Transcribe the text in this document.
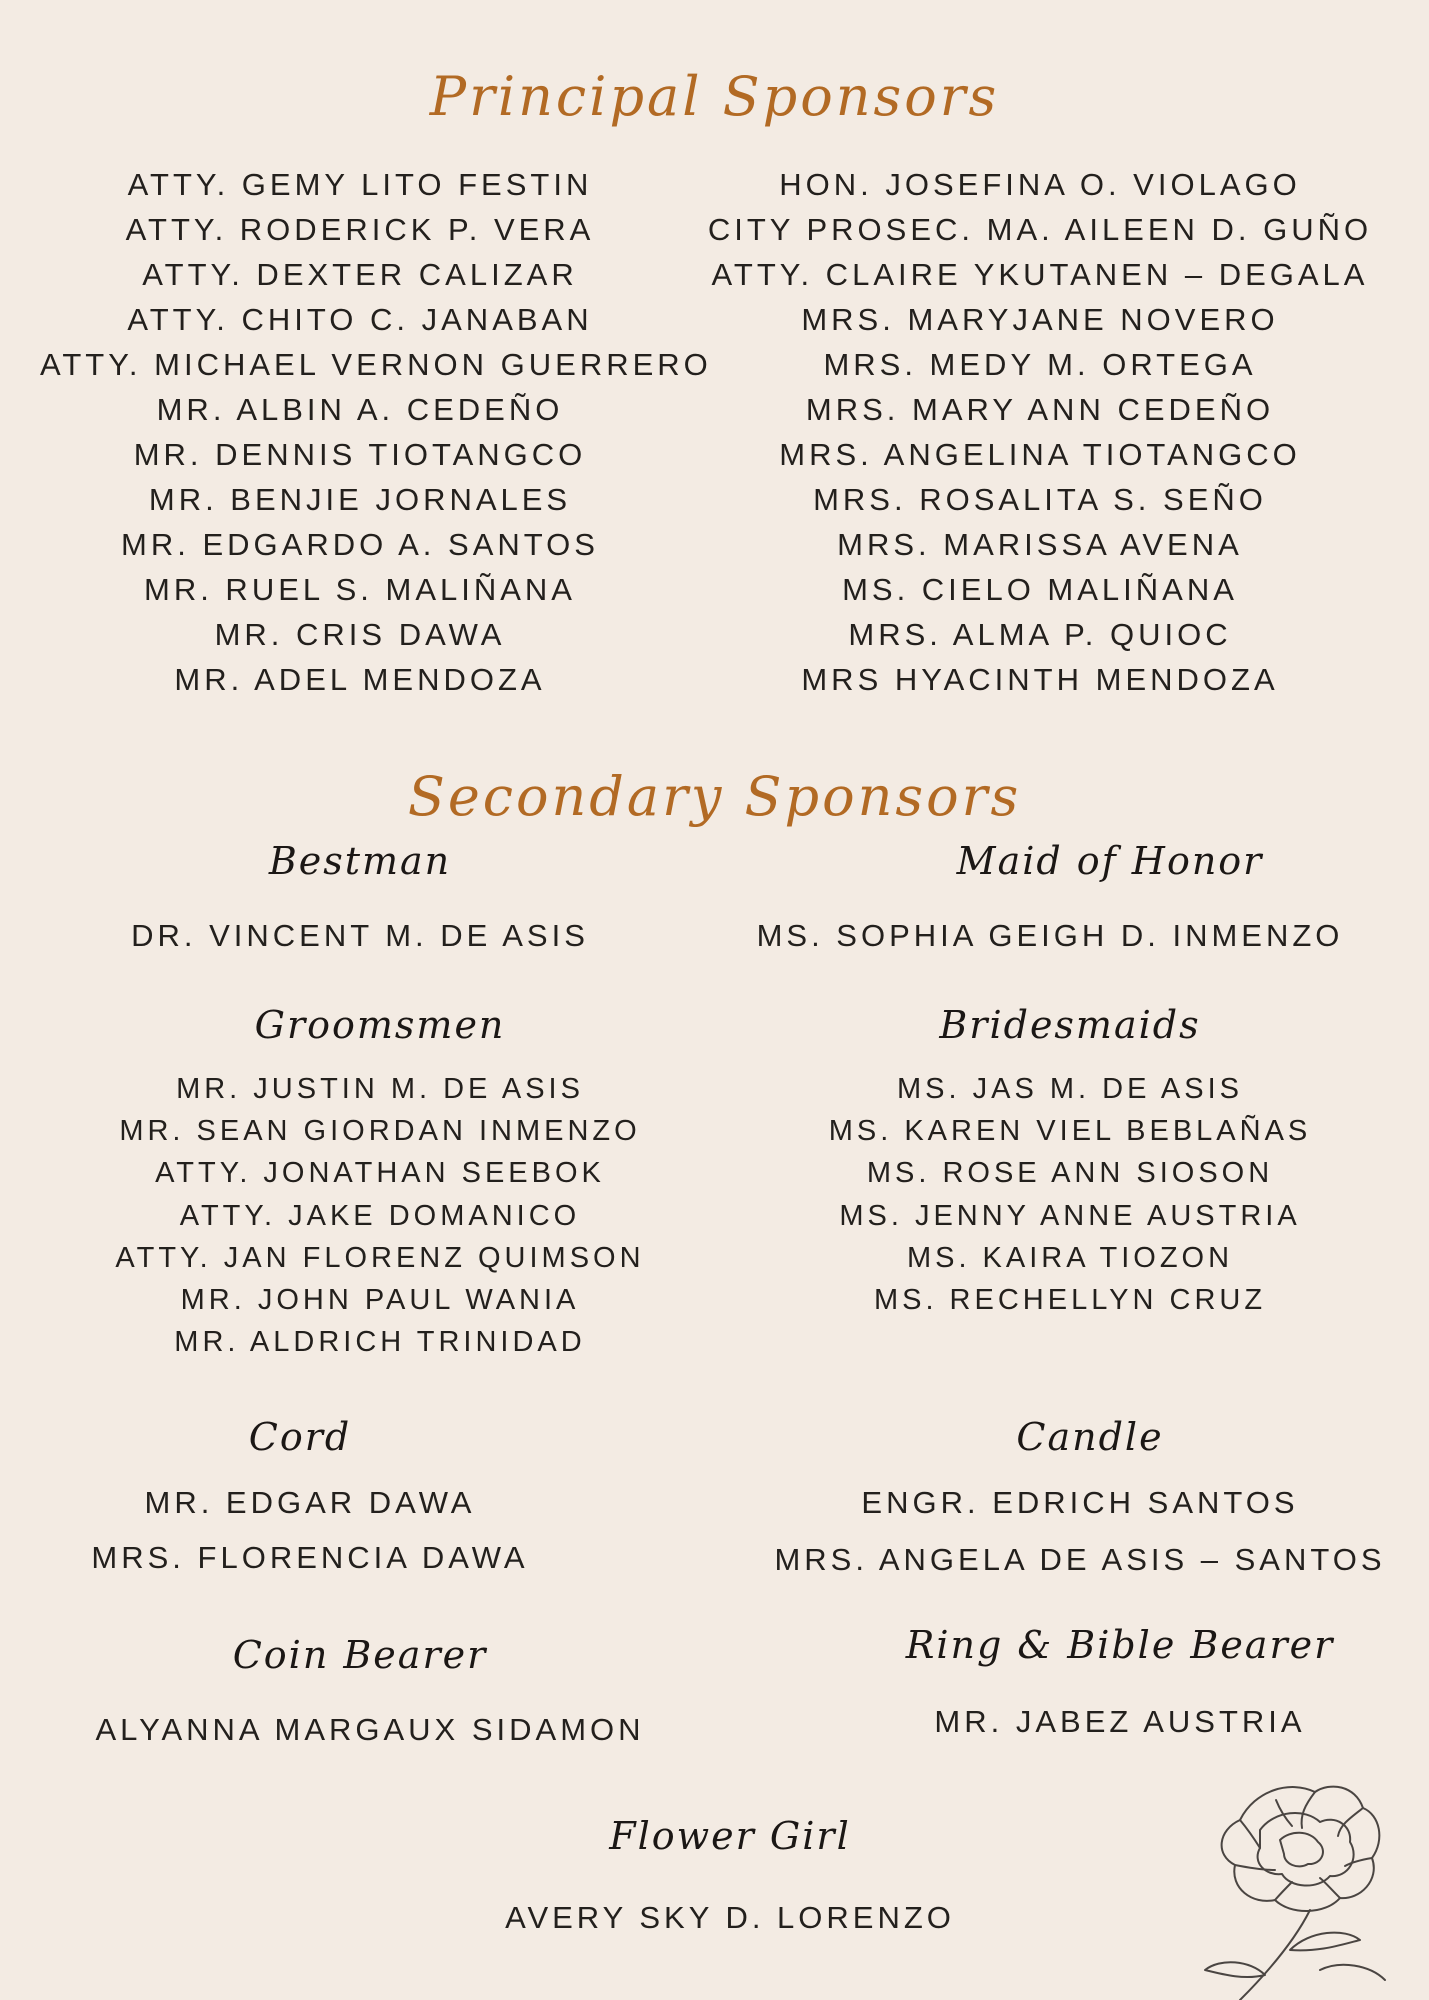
Principal Sponsors
ATTY. GEMY LITO FESTIN
ATTY. RODERICK P. VERA
ATTY. DEXTER CALIZAR
ATTY. CHITO C. JANABAN
ATTY. MICHAEL VERNON GUERRERO
MR. ALBIN A. CEDEÑO
MR. DENNIS TIOTANGCO
MR. BENJIE JORNALES
MR. EDGARDO A. SANTOS
MR. RUEL S. MALIÑANA
MR. CRIS DAWA
MR. ADEL MENDOZA
HON. JOSEFINA O. VIOLAGO
CITY PROSEC. MA. AILEEN D. GUÑO
ATTY. CLAIRE YKUTANEN – DEGALA
MRS. MARYJANE NOVERO
MRS. MEDY M. ORTEGA
MRS. MARY ANN CEDEÑO
MRS. ANGELINA TIOTANGCO
MRS. ROSALITA S. SEÑO
MRS. MARISSA AVENA
MS. CIELO MALIÑANA
MRS. ALMA P. QUIOC
MRS HYACINTH MENDOZA
Secondary Sponsors
Bestman	Maid of Honor
DR. VINCENT M. DE ASIS	MS. SOPHIA GEIGH D. INMENZO
Groomsmen	Bridesmaids
MR. JUSTIN M. DE ASIS
MR. SEAN GIORDAN INMENZO
ATTY. JONATHAN SEEBOK
ATTY. JAKE DOMANICO
ATTY. JAN FLORENZ QUIMSON
MR. JOHN PAUL WANIA
MR. ALDRICH TRINIDAD
MS. JAS M. DE ASIS
MS. KAREN VIEL BEBLAÑAS
MS. ROSE ANN SIOSON
MS. JENNY ANNE AUSTRIA
MS. KAIRA TIOZON
MS. RECHELLYN CRUZ
Cord	Candle
MR. EDGAR DAWA
MRS. FLORENCIA DAWA
ENGR. EDRICH SANTOS
MRS. ANGELA DE ASIS – SANTOS
Coin Bearer	Ring & Bible Bearer
ALYANNA MARGAUX SIDAMON	MR. JABEZ AUSTRIA
Flower Girl
AVERY SKY D. LORENZO
